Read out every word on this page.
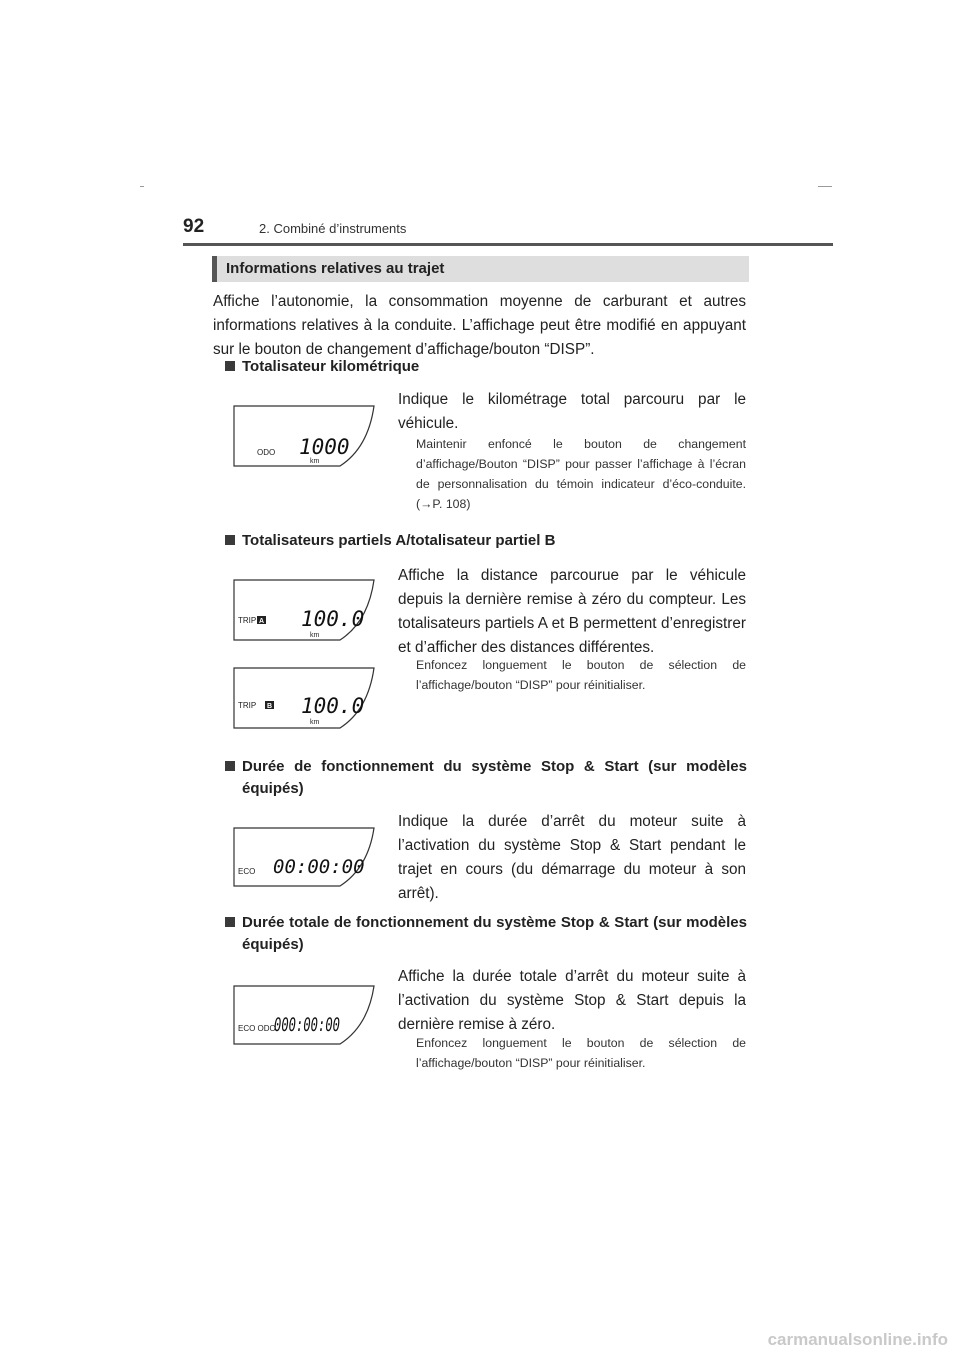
92	2. Combiné d’instruments
Informations relatives au trajet

Affiche l’autonomie, la consommation moyenne de carburant et autres informations relatives à la conduite. L’affichage peut être modifié en appuyant sur le bouton de changement d’affichage/bouton “DISP”.

Totalisateur kilométrique

Indique le kilométrage total parcouru par le véhicule.

Maintenir enfoncé le bouton de changement d’affichage/Bouton “DISP” pour passer l’affichage à l’écran de personnalisation du témoin indicateur d’éco-conduite. (→P. 108)

ODO 1000
km
Totalisateurs partiels A/totalisateur partiel B

Affiche la distance parcourue par le véhicule depuis la dernière remise à zéro du compteur. Les totalisateurs partiels A et B permettent d’enregistrer et d’afficher des distances différentes.

Enfoncez longuement le bouton de sélection de l’affichage/bouton “DISP” pour réinitialiser.

TRIP A 100.0
km
TRIP B 100.0
km
Durée de fonctionnement du système Stop & Start (sur modèles équipés)

Indique la durée d’arrêt du moteur suite à l’activation du système Stop & Start pendant le trajet en cours (du démarrage du moteur à son arrêt).

ECO 00:00:00
Durée totale de fonctionnement du système Stop & Start (sur modèles équipés)

Affiche la durée totale d’arrêt du moteur suite à l’activation du système Stop & Start depuis la dernière remise à zéro.

Enfoncez longuement le bouton de sélection de l’affichage/bouton “DISP” pour réinitialiser.

ECO ODO
000:00:00
carmanualsonline.info
